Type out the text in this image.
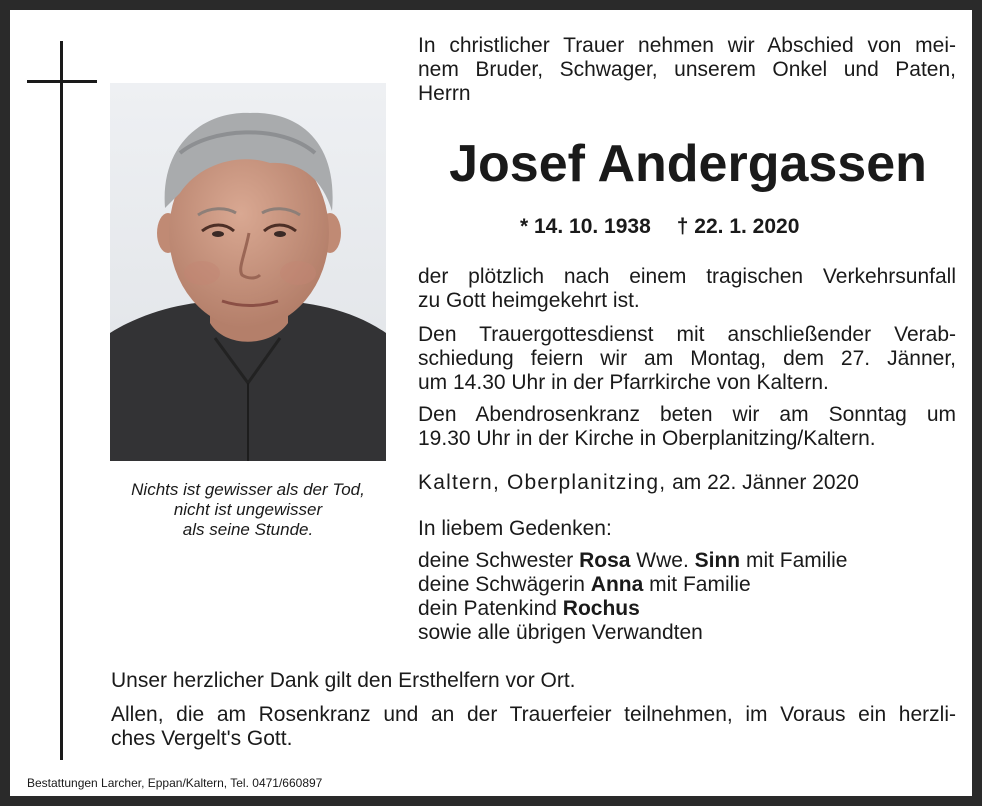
Nichts ist gewisser als der Tod,
nicht ist ungewisser
als seine Stunde.
In christlicher Trauer nehmen wir Abschied von mei-
nem Bruder, Schwager, unserem Onkel und Paten,
Herrn
Josef Andergassen
* 14. 10. 1938 † 22. 1. 2020
der plötzlich nach einem tragischen Verkehrsunfall
zu Gott heimgekehrt ist.
Den Trauergottesdienst mit anschließender Verab-
schiedung feiern wir am Montag, dem 27. Jänner,
um 14.30 Uhr in der Pfarrkirche von Kaltern.
Den Abendrosenkranz beten wir am Sonntag um
19.30 Uhr in der Kirche in Oberplanitzing/Kaltern.
Kaltern, Oberplanitzing, am 22. Jänner 2020
In liebem Gedenken:
deine Schwester Rosa Wwe. Sinn mit Familie
deine Schwägerin Anna mit Familie
dein Patenkind Rochus
sowie alle übrigen Verwandten
Unser herzlicher Dank gilt den Ersthelfern vor Ort.
Allen, die am Rosenkranz und an der Trauerfeier teilnehmen, im Voraus ein herzli-
ches Vergelt's Gott.
Bestattungen Larcher, Eppan/Kaltern, Tel. 0471/660897
